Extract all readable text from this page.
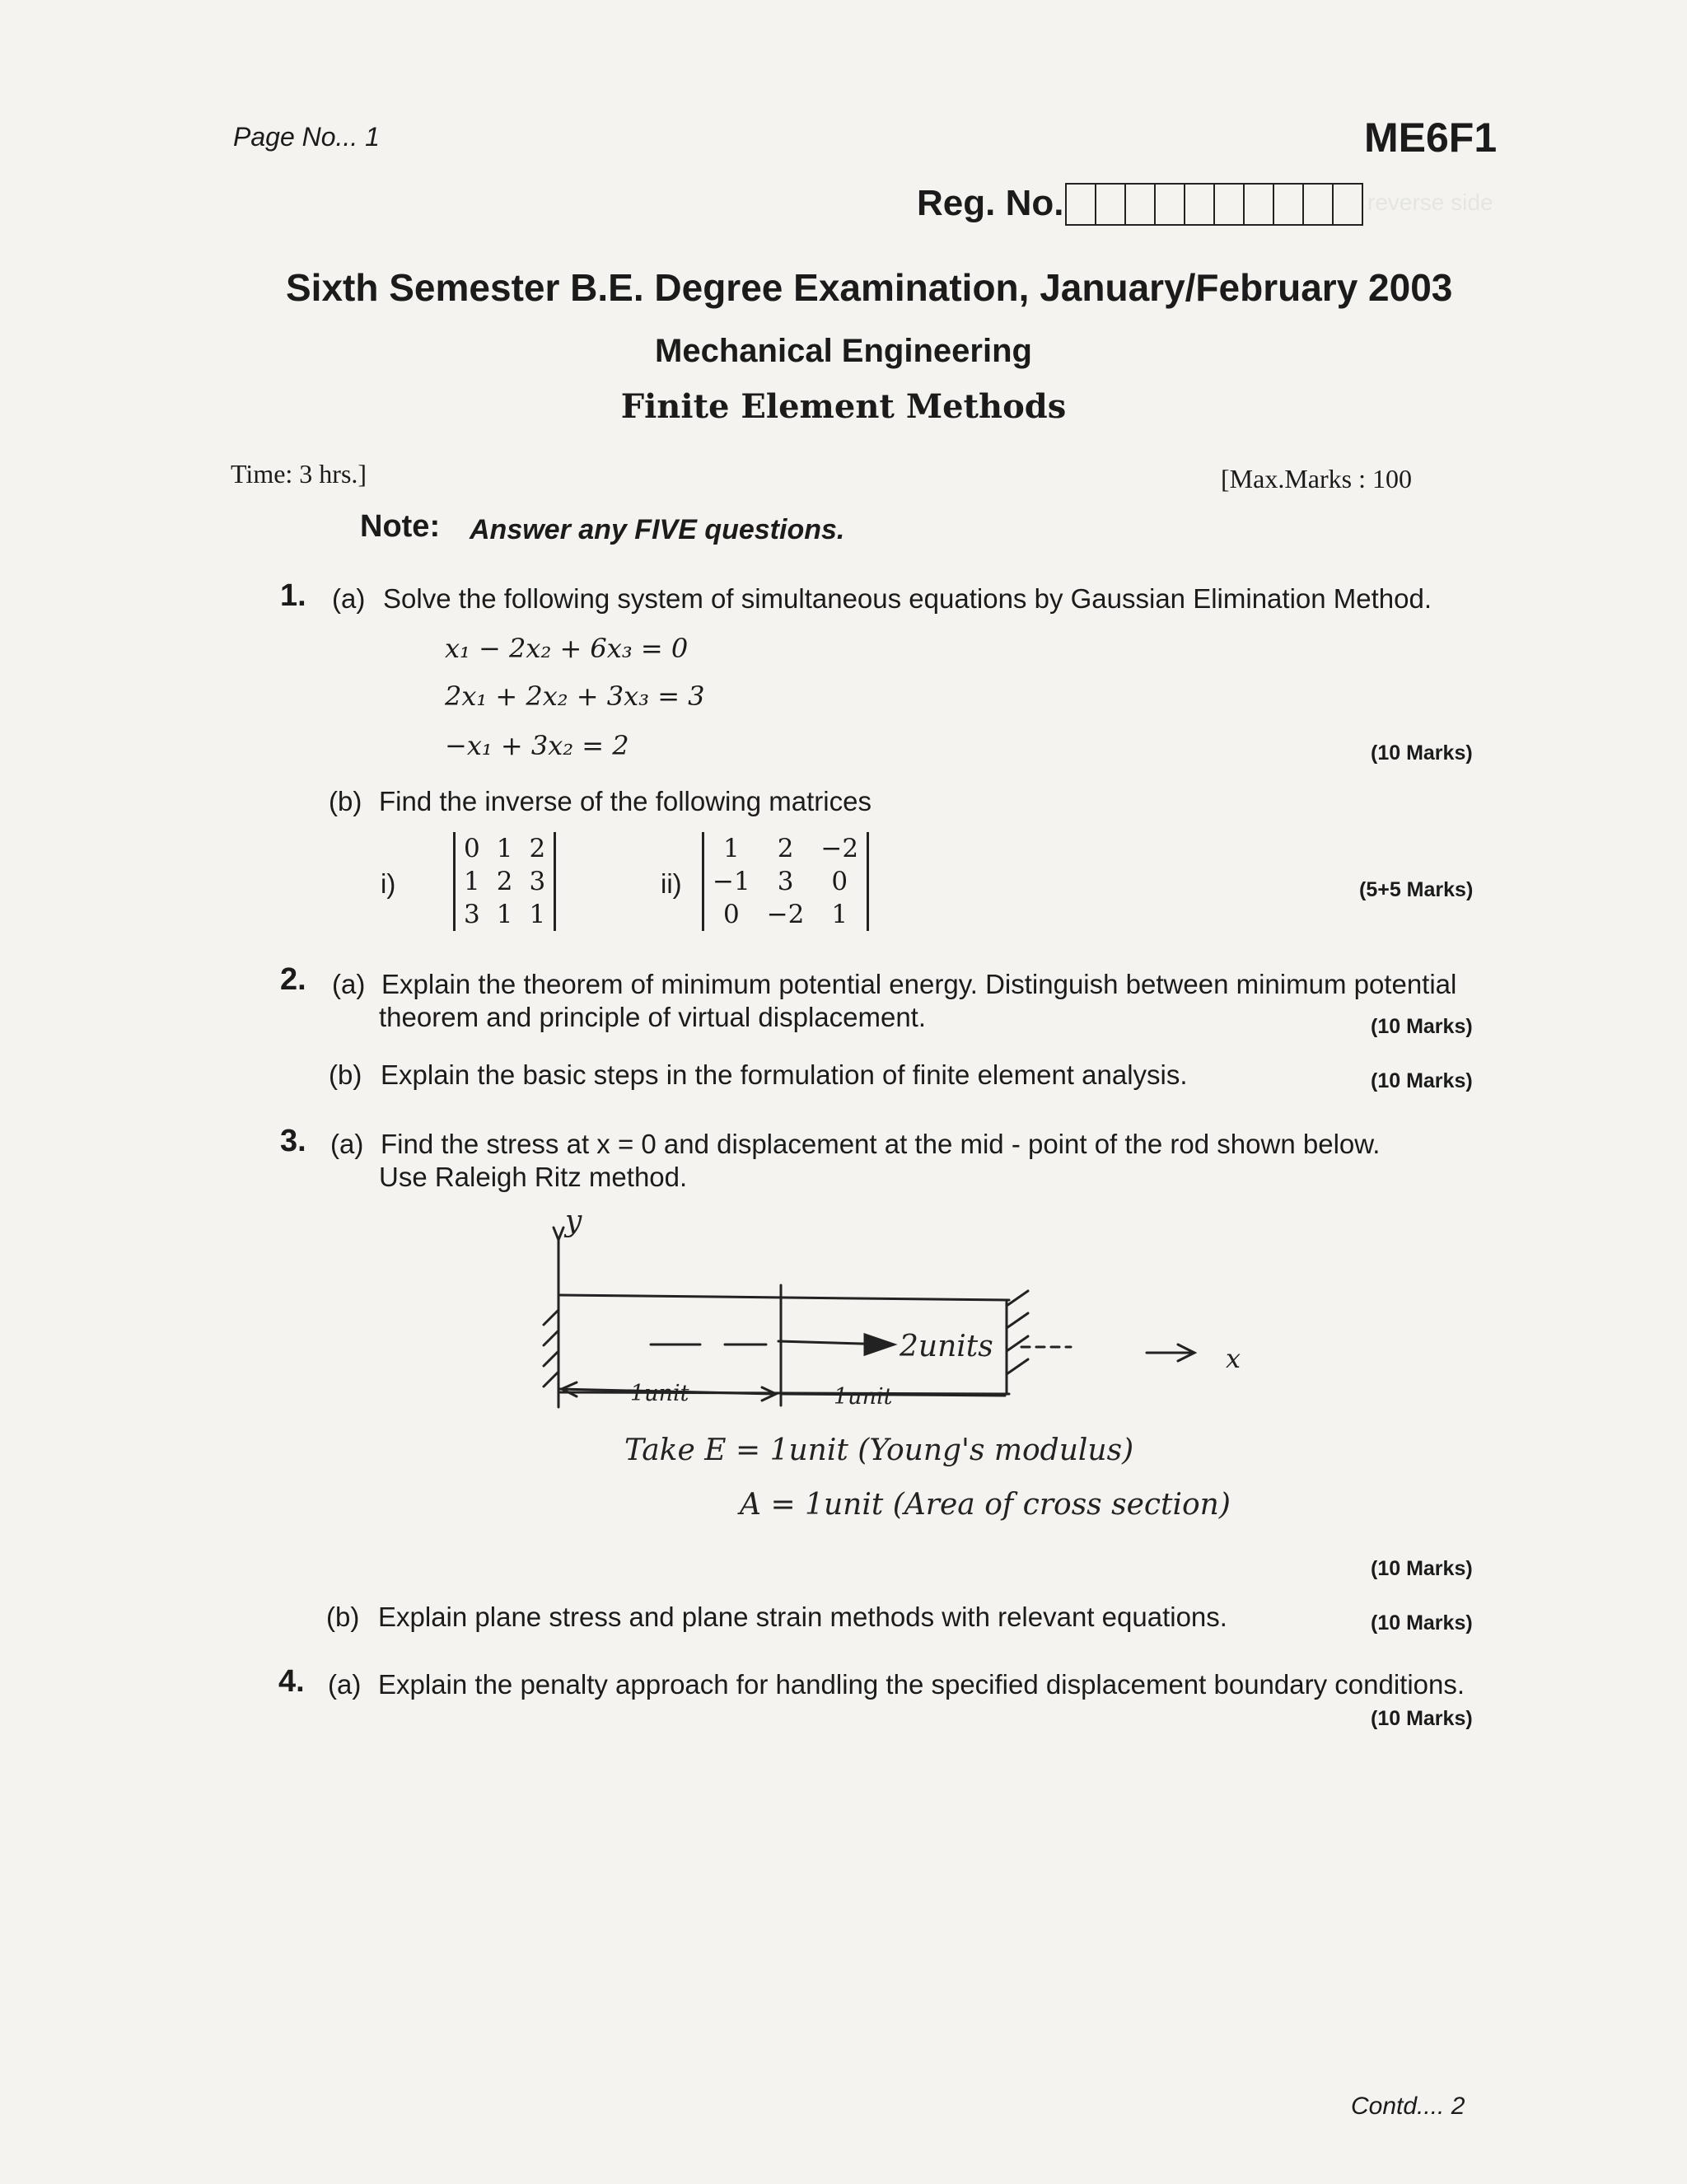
reverse side
Page No... 1	ME6F1
Reg. No.
Sixth Semester B.E. Degree Examination, January/February 2003
Mechanical Engineering
Finite Element Methods
Time: 3 hrs.]	[Max.Marks : 100
Note: Answer any FIVE questions.
1. (a) Solve the following system of simultaneous equations by Gaussian Elimination Method.
x₁ − 2x₂ + 6x₃ = 0
2x₁ + 2x₂ + 3x₃ = 3
−x₁ + 3x₂ = 2	(10 Marks)
(b) Find the inverse of the following matrices
i)
0	1	2
1	2	3
3	1	1
ii)
1	2	−2
−1	3	0
0	−2	1
(5+5 Marks)
2. (a) Explain the theorem of minimum potential energy. Distinguish between minimum potential
theorem and principle of virtual displacement.	(10 Marks)
(b) Explain the basic steps in the formulation of finite element analysis.	(10 Marks)
3. (a) Find the stress at x = 0 and displacement at the mid - point of the rod shown below.
Use Raleigh Ritz method.
y
x
2units
1unit	1unit
Take E = 1unit (Young's modulus)
A = 1unit (Area of cross section)
(10 Marks)
(b) Explain plane stress and plane strain methods with relevant equations.	(10 Marks)
4. (a) Explain the penalty approach for handling the specified displacement boundary conditions.
(10 Marks)
Contd.... 2
